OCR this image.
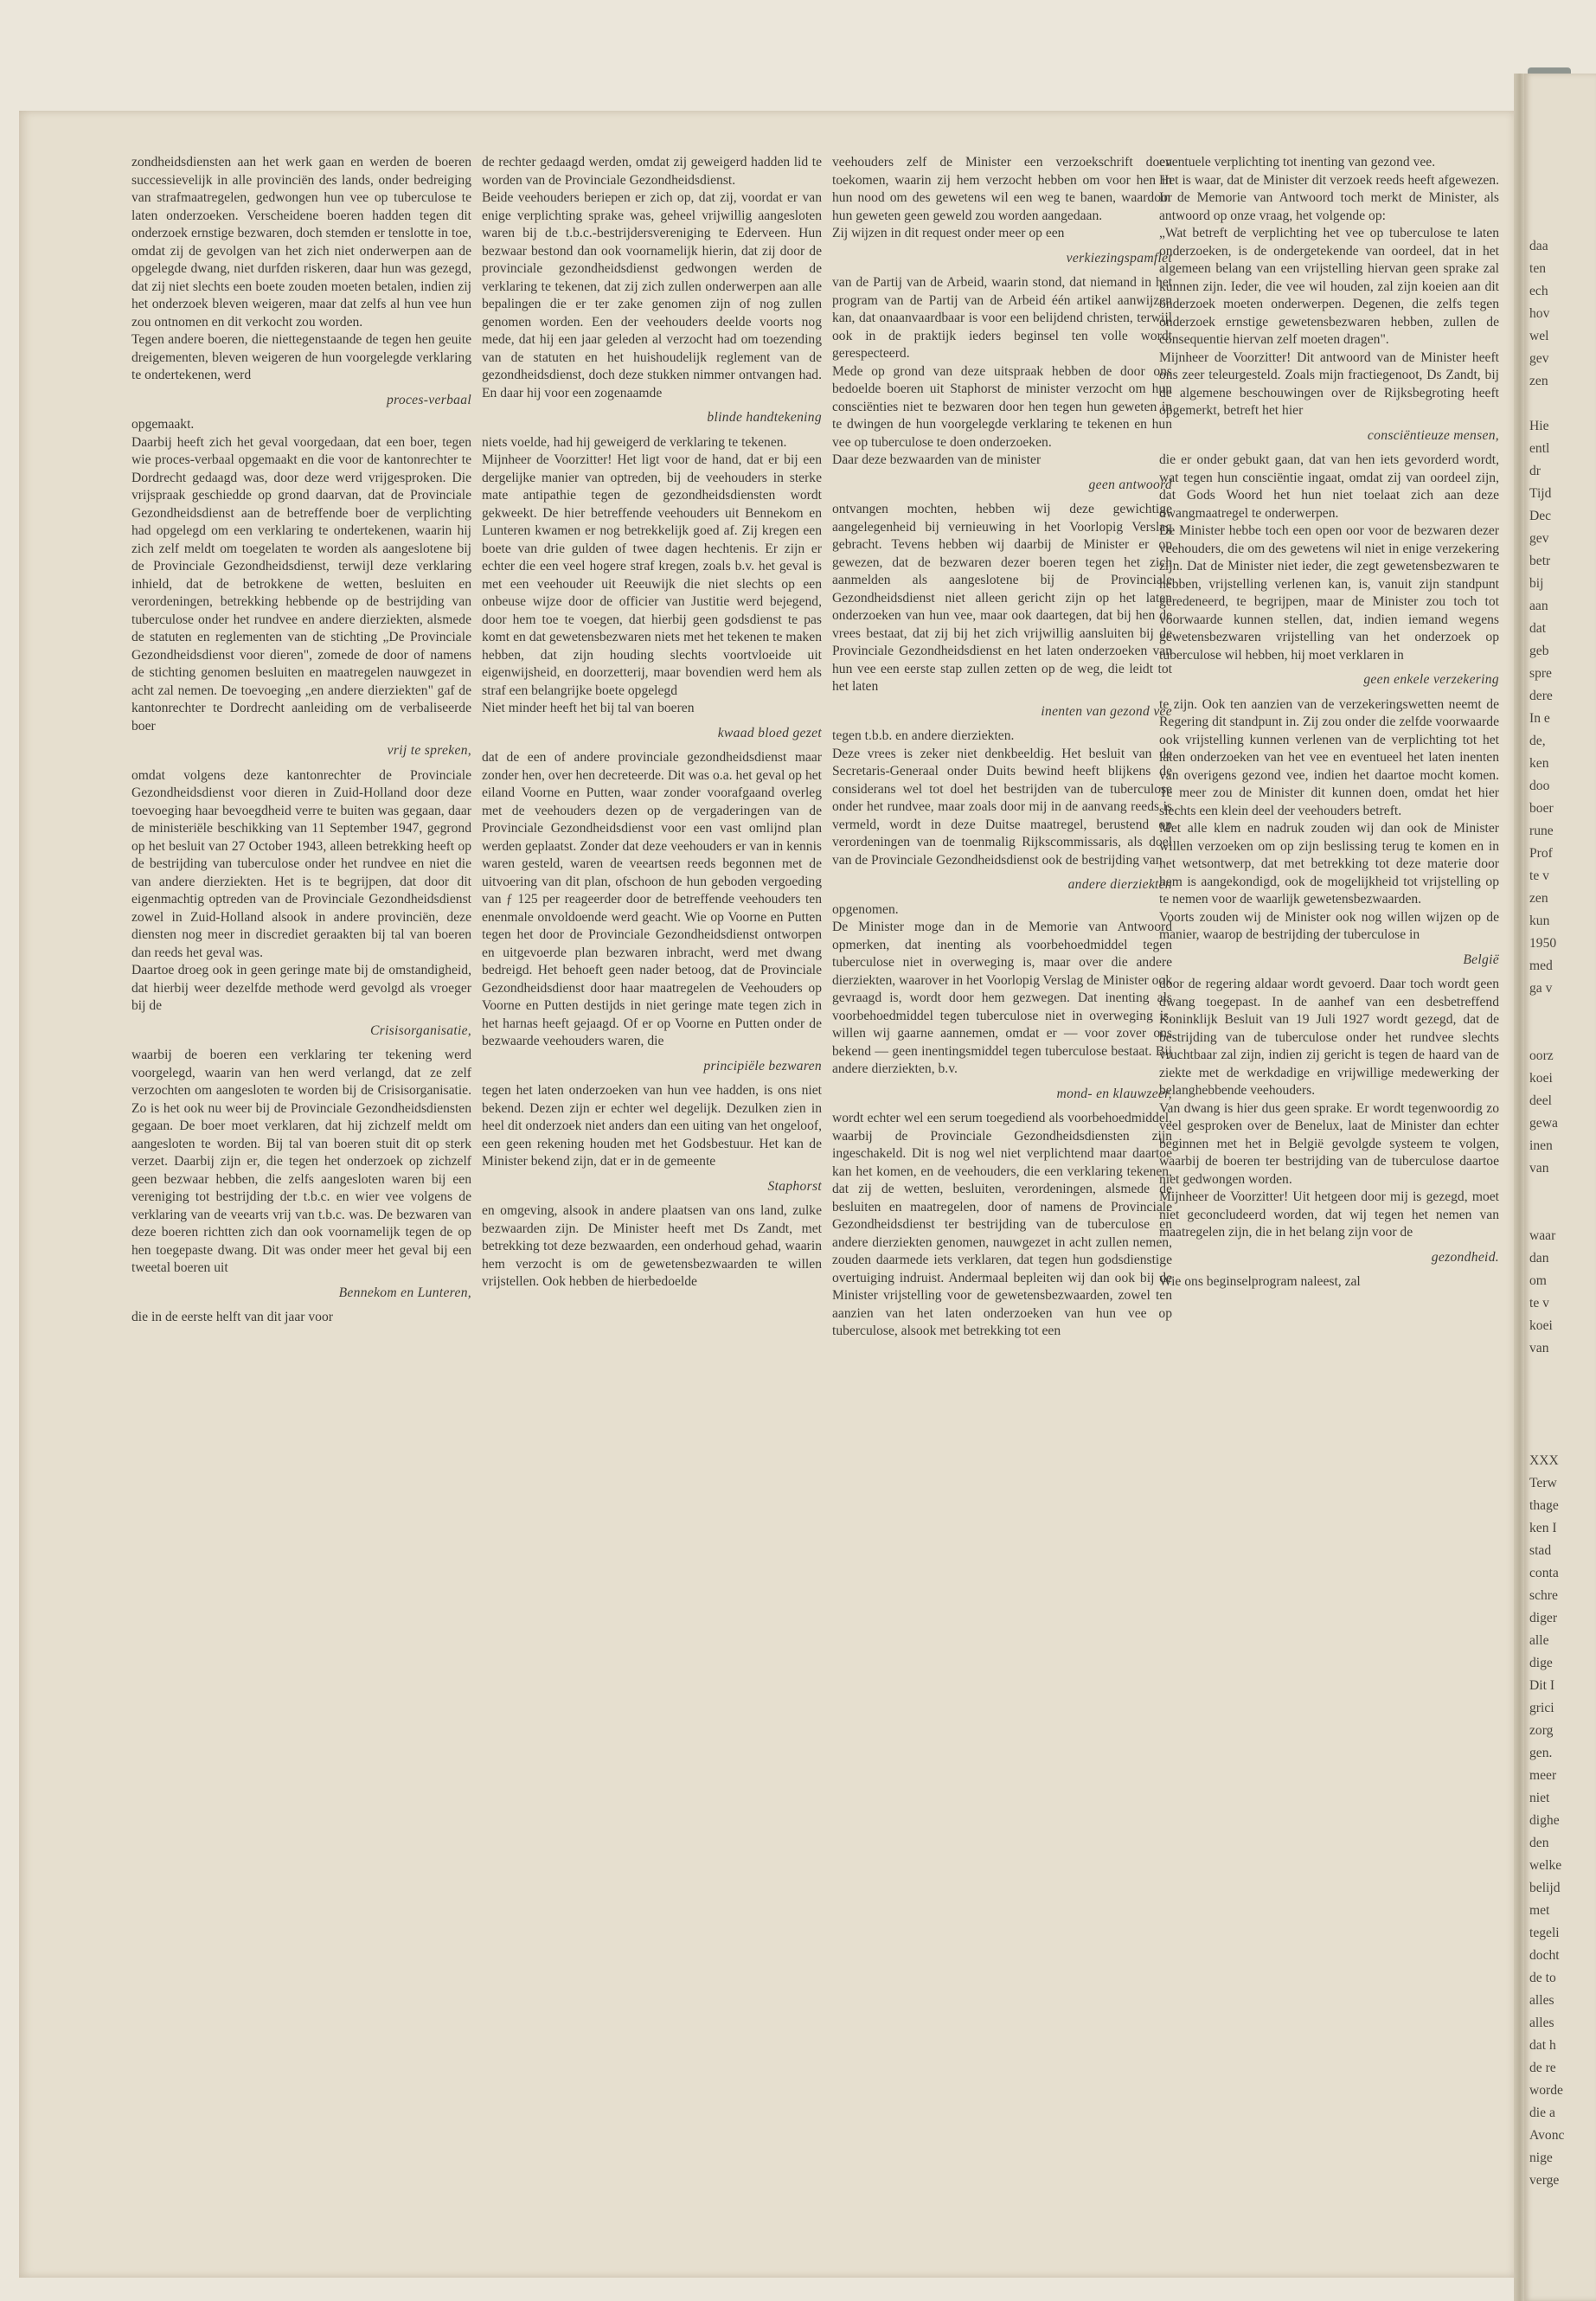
zondheidsdiensten aan het werk gaan en werden de boeren successievelijk in alle provinciën des lands, onder bedreiging van strafmaatregelen, gedwongen hun vee op tuberculose te laten onderzoeken. Verscheidene boeren hadden tegen dit onderzoek ernstige bezwaren, doch stemden er tenslotte in toe, omdat zij de gevolgen van het zich niet onderwerpen aan de opgelegde dwang, niet durfden riskeren, daar hun was gezegd, dat zij niet slechts een boete zouden moeten betalen, indien zij het onderzoek bleven weigeren, maar dat zelfs al hun vee hun zou ontnomen en dit verkocht zou worden.

Tegen andere boeren, die niettegenstaande de tegen hen geuite dreigementen, bleven weigeren de hun voorgelegde verklaring te ondertekenen, werd

proces-verbaal

opgemaakt.

Daarbij heeft zich het geval voorgedaan, dat een boer, tegen wie proces-verbaal opgemaakt en die voor de kantonrechter te Dordrecht gedaagd was, door deze werd vrijgesproken. Die vrijspraak geschiedde op grond daarvan, dat de Provinciale Gezondheidsdienst aan de betreffende boer de verplichting had opgelegd om een verklaring te ondertekenen, waarin hij zich zelf meldt om toegelaten te worden als aangeslotene bij de Provinciale Gezondheidsdienst, terwijl deze verklaring inhield, dat de betrokkene de wetten, besluiten en verordeningen, betrekking hebbende op de bestrijding van tuberculose onder het rundvee en andere dierziekten, alsmede de statuten en reglementen van de stichting „De Provinciale Gezondheidsdienst voor dieren", zomede de door of namens de stichting genomen besluiten en maatregelen nauwgezet in acht zal nemen. De toevoeging „en andere dierziekten" gaf de kantonrechter te Dordrecht aanleiding om de verbaliseerde boer

vrij te spreken,

omdat volgens deze kantonrechter de Provinciale Gezondheidsdienst voor dieren in Zuid-Holland door deze toevoeging haar bevoegdheid verre te buiten was gegaan, daar de ministeriële beschikking van 11 September 1947, gegrond op het besluit van 27 October 1943, alleen betrekking heeft op de bestrijding van tuberculose onder het rundvee en niet die van andere dierziekten. Het is te begrijpen, dat door dit eigenmachtig optreden van de Provinciale Gezondheidsdienst zowel in Zuid-Holland alsook in andere provinciën, deze diensten nog meer in discrediet geraakten bij tal van boeren dan reeds het geval was.

Daartoe droeg ook in geen geringe mate bij de omstandigheid, dat hierbij weer dezelfde methode werd gevolgd als vroeger bij de

Crisisorganisatie,

waarbij de boeren een verklaring ter tekening werd voorgelegd, waarin van hen werd verlangd, dat ze zelf verzochten om aangesloten te worden bij de Crisisorganisatie. Zo is het ook nu weer bij de Provinciale Gezondheidsdiensten gegaan. De boer moet verklaren, dat hij zichzelf meldt om aangesloten te worden. Bij tal van boeren stuit dit op sterk verzet. Daarbij zijn er, die tegen het onderzoek op zichzelf geen bezwaar hebben, die zelfs aangesloten waren bij een vereniging tot bestrijding der t.b.c. en wier vee volgens de verklaring van de veearts vrij van t.b.c. was. De bezwaren van deze boeren richtten zich dan ook voornamelijk tegen de op hen toegepaste dwang. Dit was onder meer het geval bij een tweetal boeren uit

Bennekom en Lunteren,

die in de eerste helft van dit jaar voor

de rechter gedaagd werden, omdat zij geweigerd hadden lid te worden van de Provinciale Gezondheidsdienst.

Beide veehouders beriepen er zich op, dat zij, voordat er van enige verplichting sprake was, geheel vrijwillig aangesloten waren bij de t.b.c.-bestrijdersvereniging te Ederveen. Hun bezwaar bestond dan ook voornamelijk hierin, dat zij door de provinciale gezondheidsdienst gedwongen werden de verklaring te tekenen, dat zij zich zullen onderwerpen aan alle bepalingen die er ter zake genomen zijn of nog zullen genomen worden. Een der veehouders deelde voorts nog mede, dat hij een jaar geleden al verzocht had om toezending van de statuten en het huishoudelijk reglement van de gezondheidsdienst, doch deze stukken nimmer ontvangen had. En daar hij voor een zogenaamde

blinde handtekening

niets voelde, had hij geweigerd de verklaring te tekenen.

Mijnheer de Voorzitter! Het ligt voor de hand, dat er bij een dergelijke manier van optreden, bij de veehouders in sterke mate antipathie tegen de gezondheidsdiensten wordt gekweekt. De hier betreffende veehouders uit Bennekom en Lunteren kwamen er nog betrekkelijk goed af. Zij kregen een boete van drie gulden of twee dagen hechtenis. Er zijn er echter die een veel hogere straf kregen, zoals b.v. het geval is met een veehouder uit Reeuwijk die niet slechts op een onbeuse wijze door de officier van Justitie werd bejegend, door hem toe te voegen, dat hierbij geen godsdienst te pas komt en dat gewetensbezwaren niets met het tekenen te maken hebben, dat zijn houding slechts voortvloeide uit eigenwijsheid, en doorzetterij, maar bovendien werd hem als straf een belangrijke boete opgelegd

Niet minder heeft het bij tal van boeren

kwaad bloed gezet

dat de een of andere provinciale gezondheidsdienst maar zonder hen, over hen decreteerde. Dit was o.a. het geval op het eiland Voorne en Putten, waar zonder voorafgaand overleg met de veehouders dezen op de vergaderingen van de Provinciale Gezondheidsdienst voor een vast omlijnd plan werden geplaatst. Zonder dat deze veehouders er van in kennis waren gesteld, waren de veeartsen reeds begonnen met de uitvoering van dit plan, ofschoon de hun geboden vergoeding van ƒ 125 per reageerder door de betreffende veehouders ten enenmale onvoldoende werd geacht. Wie op Voorne en Putten tegen het door de Provinciale Gezondheidsdienst ontworpen en uitgevoerde plan bezwaren inbracht, werd met dwang bedreigd. Het behoeft geen nader betoog, dat de Provinciale Gezondheidsdienst door haar maatregelen de Veehouders op Voorne en Putten destijds in niet geringe mate tegen zich in het harnas heeft gejaagd. Of er op Voorne en Putten onder de bezwaarde veehouders waren, die

principiële bezwaren

tegen het laten onderzoeken van hun vee hadden, is ons niet bekend. Dezen zijn er echter wel degelijk. Dezulken zien in heel dit onderzoek niet anders dan een uiting van het ongeloof, een geen rekening houden met het Godsbestuur. Het kan de Minister bekend zijn, dat er in de gemeente

Staphorst

en omgeving, alsook in andere plaatsen van ons land, zulke bezwaarden zijn. De Minister heeft met Ds Zandt, met betrekking tot deze bezwaarden, een onderhoud gehad, waarin hem verzocht is om de gewetensbezwaarden te willen vrijstellen. Ook hebben de hierbedoelde

veehouders zelf de Minister een verzoekschrift doen toekomen, waarin zij hem verzocht hebben om voor hen in hun nood om des gewetens wil een weg te banen, waardoor hun geweten geen geweld zou worden aangedaan.

Zij wijzen in dit request onder meer op een

verkiezingspamflet

van de Partij van de Arbeid, waarin stond, dat niemand in het program van de Partij van de Arbeid één artikel aanwijzen kan, dat onaanvaardbaar is voor een belijdend christen, terwijl ook in de praktijk ieders beginsel ten volle wordt gerespecteerd.

Mede op grond van deze uitspraak hebben de door ons bedoelde boeren uit Staphorst de minister verzocht om hun consciënties niet te bezwaren door hen tegen hun geweten in te dwingen de hun voorgelegde verklaring te tekenen en hun vee op tuberculose te doen onderzoeken.

Daar deze bezwaarden van de minister

geen antwoord

ontvangen mochten, hebben wij deze gewichtige aangelegenheid bij vernieuwing in het Voorlopig Verslag gebracht. Tevens hebben wij daarbij de Minister er op gewezen, dat de bezwaren dezer boeren tegen het zich aanmelden als aangeslotene bij de Provinciale Gezondheidsdienst niet alleen gericht zijn op het laten onderzoeken van hun vee, maar ook daartegen, dat bij hen de vrees bestaat, dat zij bij het zich vrijwillig aansluiten bij de Provinciale Gezondheidsdienst en het laten onderzoeken van hun vee een eerste stap zullen zetten op de weg, die leidt tot het laten

inenten van gezond vee

tegen t.b.b. en andere dierziekten.

Deze vrees is zeker niet denkbeeldig. Het besluit van de Secretaris-Generaal onder Duits bewind heeft blijkens de considerans wel tot doel het bestrijden van de tuberculose onder het rundvee, maar zoals door mij in de aanvang reeds is vermeld, wordt in deze Duitse maatregel, berustend op verordeningen van de toenmalig Rijkscommissaris, als doel van de Provinciale Gezondheidsdienst ook de bestrijding van

andere dierziekten

opgenomen.

De Minister moge dan in de Memorie van Antwoord opmerken, dat inenting als voorbehoedmiddel tegen tuberculose niet in overweging is, maar over die andere dierziekten, waarover in het Voorlopig Verslag de Minister ook gevraagd is, wordt door hem gezwegen. Dat inenting als voorbehoedmiddel tegen tuberculose niet in overweging is, willen wij gaarne aannemen, omdat er — voor zover ons bekend — geen inentingsmiddel tegen tuberculose bestaat. Bij andere dierziekten, b.v.

mond- en klauwzeer,

wordt echter wel een serum toegediend als voorbehoedmiddel, waarbij de Provinciale Gezondheidsdiensten zijn ingeschakeld. Dit is nog wel niet verplichtend maar daartoe kan het komen, en de veehouders, die een verklaring tekenen, dat zij de wetten, besluiten, verordeningen, alsmede de besluiten en maatregelen, door of namens de Provinciale Gezondheidsdienst ter bestrijding van de tuberculose en andere dierziekten genomen, nauwgezet in acht zullen nemen, zouden daarmede iets verklaren, dat tegen hun godsdienstige overtuiging indruist. Andermaal bepleiten wij dan ook bij de Minister vrijstelling voor de gewetensbezwaarden, zowel ten aanzien van het laten onderzoeken van hun vee op tuberculose, alsook met betrekking tot een

eventuele verplichting tot inenting van gezond vee.

Het is waar, dat de Minister dit verzoek reeds heeft afgewezen. In de Memorie van Antwoord toch merkt de Minister, als antwoord op onze vraag, het volgende op:

„Wat betreft de verplichting het vee op tuberculose te laten onderzoeken, is de ondergetekende van oordeel, dat in het algemeen belang van een vrijstelling hiervan geen sprake zal kunnen zijn. Ieder, die vee wil houden, zal zijn koeien aan dit onderzoek moeten onderwerpen. Degenen, die zelfs tegen onderzoek ernstige gewetensbezwaren hebben, zullen de consequentie hiervan zelf moeten dragen".

Mijnheer de Voorzitter! Dit antwoord van de Minister heeft ons zeer teleurgesteld. Zoals mijn fractiegenoot, Ds Zandt, bij de algemene beschouwingen over de Rijksbegroting heeft opgemerkt, betreft het hier

consciëntieuze mensen,

die er onder gebukt gaan, dat van hen iets gevorderd wordt, wat tegen hun consciëntie ingaat, omdat zij van oordeel zijn, dat Gods Woord het hun niet toelaat zich aan deze dwangmaatregel te onderwerpen.

De Minister hebbe toch een open oor voor de bezwaren dezer veehouders, die om des gewetens wil niet in enige verzekering zijn. Dat de Minister niet ieder, die zegt gewetensbezwaren te hebben, vrijstelling verlenen kan, is, vanuit zijn standpunt geredeneerd, te begrijpen, maar de Minister zou toch tot voorwaarde kunnen stellen, dat, indien iemand wegens gewetensbezwaren vrijstelling van het onderzoek op tuberculose wil hebben, hij moet verklaren in

geen enkele verzekering

te zijn. Ook ten aanzien van de verzekeringswetten neemt de Regering dit standpunt in. Zij zou onder die zelfde voorwaarde ook vrijstelling kunnen verlenen van de verplichting tot het laten onderzoeken van het vee en eventueel het laten inenten van overigens gezond vee, indien het daartoe mocht komen. Te meer zou de Minister dit kunnen doen, omdat het hier slechts een klein deel der veehouders betreft.

Met alle klem en nadruk zouden wij dan ook de Minister willen verzoeken om op zijn beslissing terug te komen en in het wetsontwerp, dat met betrekking tot deze materie door hem is aangekondigd, ook de mogelijkheid tot vrijstelling op te nemen voor de waarlijk gewetensbezwaarden.

Voorts zouden wij de Minister ook nog willen wijzen op de manier, waarop de bestrijding der tuberculose in

België

door de regering aldaar wordt gevoerd. Daar toch wordt geen dwang toegepast. In de aanhef van een desbetreffend Koninklijk Besluit van 19 Juli 1927 wordt gezegd, dat de bestrijding van de tuberculose onder het rundvee slechts vruchtbaar zal zijn, indien zij gericht is tegen de haard van de ziekte met de werkdadige en vrijwillige medewerking der belanghebbende veehouders.

Van dwang is hier dus geen sprake. Er wordt tegenwoordig zo veel gesproken over de Benelux, laat de Minister dan echter beginnen met het in België gevolgde systeem te volgen, waarbij de boeren ter bestrijding van de tuberculose daartoe niet gedwongen worden.

Mijnheer de Voorzitter! Uit hetgeen door mij is gezegd, moet niet geconcludeerd worden, dat wij tegen het nemen van maatregelen zijn, die in het belang zijn voor de

gezondheid.

Wie ons beginselprogram naleest, zal

daa
ten
ech
hov
wel
gev
zen
Hie
entl
dr
Tijd
Dec
gev
betr
bij
aan
dat
geb
spre
dere
In e
de,
ken
doo
boer
rune
Prof
te v
zen
kun
1950
med
ga v
oorz
koei
deel
gewa
inen
van
waar
dan
om
te v
koei
van
XXX
Terw
thage
ken I
stad
conta
schre
diger
alle
dige
Dit I
grici
zorg
gen.
meer
niet
dighe
den
welke
belijd
met
tegeli
docht
de to
alles
alles
dat h
de re
worde
die a
Avonc
nige
verge
